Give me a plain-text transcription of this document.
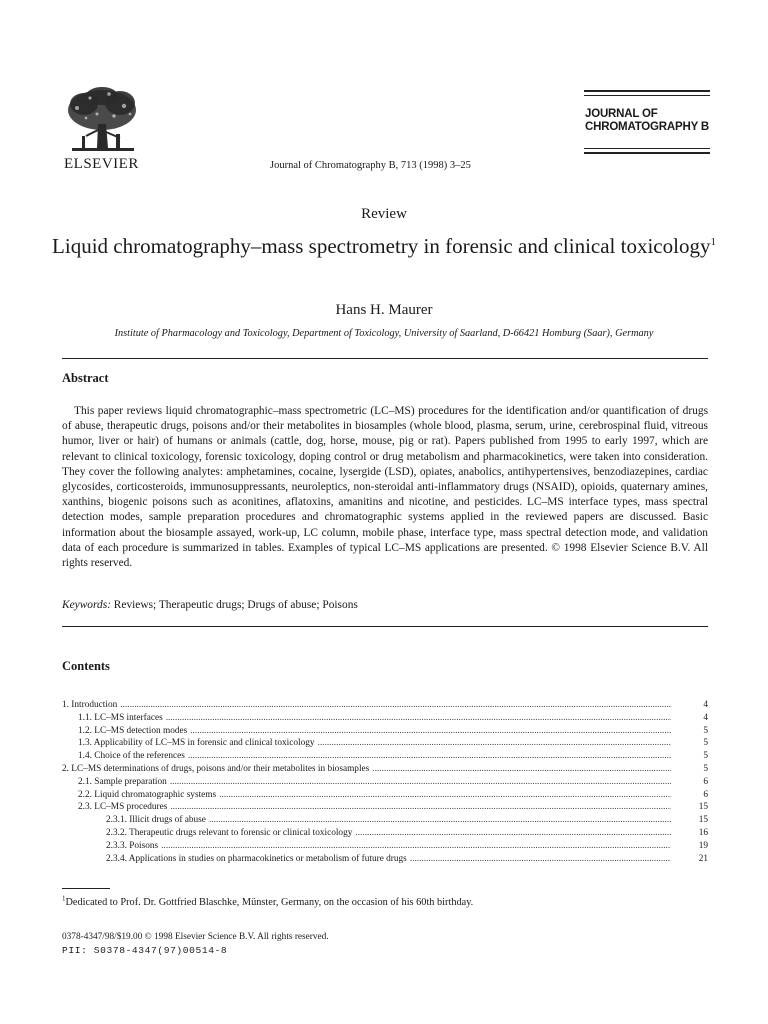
ELSEVIER	Journal of Chromatography B, 713 (1998) 3–25
JOURNAL OF
CHROMATOGRAPHY B
Review
Liquid chromatography–mass spectrometry in forensic and clinical toxicology$^1$
Hans H. Maurer
Institute of Pharmacology and Toxicology, Department of Toxicology, University of Saarland, D-66421 Homburg (Saar), Germany
Abstract
This paper reviews liquid chromatographic–mass spectrometric (LC–MS) procedures for the identification and/or quantification of drugs of abuse, therapeutic drugs, poisons and/or their metabolites in biosamples (whole blood, plasma, serum, urine, cerebrospinal fluid, vitreous humor, liver or hair) of humans or animals (cattle, dog, horse, mouse, pig or rat). Papers published from 1995 to early 1997, which are relevant to clinical toxicology, forensic toxicology, doping control or drug metabolism and pharmacokinetics, were taken into consideration. They cover the following analytes: amphetamines, cocaine, lysergide (LSD), opiates, anabolics, antihypertensives, benzodiazepines, cardiac glycosides, corticosteroids, immunosuppressants, neuroleptics, non-steroidal anti-inflammatory drugs (NSAID), opioids, quaternary amines, xanthins, biogenic poisons such as aconitines, aflatoxins, amanitins and nicotine, and pesticides. LC–MS interface types, mass spectral detection modes, sample preparation procedures and chromatographic systems applied in the reviewed papers are discussed. Basic information about the biosample assayed, work-up, LC column, mobile phase, interface type, mass spectral detection mode, and validation data of each procedure is summarized in tables. Examples of typical LC–MS applications are presented. © 1998 Elsevier Science B.V. All rights reserved.
Keywords: Reviews; Therapeutic drugs; Drugs of abuse; Poisons
Contents
1. Introduction .....	4
1.1. LC–MS interfaces .....	4
1.2. LC–MS detection modes .....	5
1.3. Applicability of LC–MS in forensic and clinical toxicology .....	5
1.4. Choice of the references .....	5
2. LC–MS determinations of drugs, poisons and/or their metabolites in biosamples .....	5
2.1. Sample preparation .....	6
2.2. Liquid chromatographic systems .....	6
2.3. LC–MS procedures .....	15
2.3.1. Illicit drugs of abuse .....	15
2.3.2. Therapeutic drugs relevant to forensic or clinical toxicology .....	16
2.3.3. Poisons .....	19
2.3.4. Applications in studies on pharmacokinetics or metabolism of future drugs .....	21
$^1$Dedicated to Prof. Dr. Gottfried Blaschke, Münster, Germany, on the occasion of his 60th birthday.
0378-4347/98/$19.00 © 1998 Elsevier Science B.V. All rights reserved.
PII: S0378-4347(97)00514-8
